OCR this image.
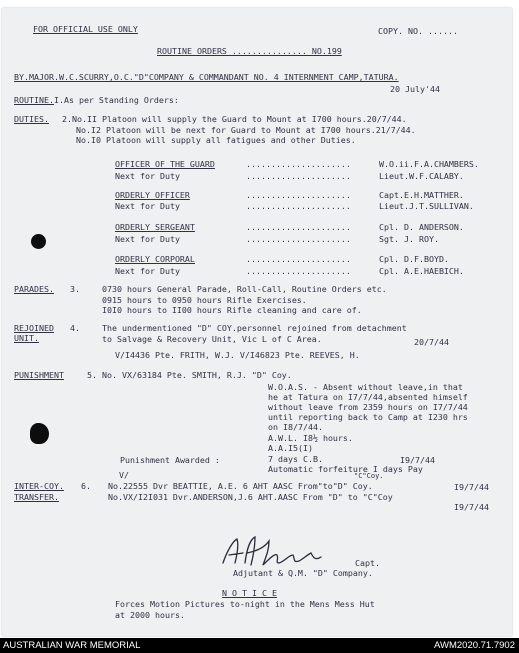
FOR OFFICIAL USE ONLY	COPY. NO. ......
ROUTINE ORDERS ............... NO.199
BY.MAJOR.W.C.SCURRY,O.C."D"COMPANY & COMMANDANT NO. 4 INTERNMENT CAMP,TATURA.
20 July'44
ROUTINE.I.As per Standing Orders:
DUTIES. 2.No.II Platoon will supply the Guard to Mount at I700 hours.20/7/44.
No.I2 Platoon will be next for Guard to Mount at I700 hours.21/7/44.
No.I0 Platoon will supply all fatigues and other Duties.
OFFICER OF THE GUARD	.....................	W.O.ii.F.A.CHAMBERS.
Next for Duty	.....................	Lieut.W.F.CALABY.
ORDERLY OFFICER	.....................	Capt.E.H.MATTHER.
Next for Duty	.....................	Lieut.J.T.SULLIVAN.
ORDERLY SERGEANT	.....................	Cpl. D. ANDERSON.
Next for Duty	.....................	Sgt. J. ROY.
ORDERLY CORPORAL	.....................	Cpl. D.F.BOYD.
Next for Duty	.....................	Cpl. A.E.HAEBICH.
PARADES. 3.	0730 hours General Parade, Roll-Call, Routine Orders etc.
0915 hours to 0950 hours Rifle Exercises.
I0I0 hours to II00 hours Rifle cleaning and care of.
REJOINED 4.
UNIT.
The undermentioned "D" COY.personnel rejoined from detachment
to Salvage & Recovery Unit, Vic L of C Area.	20/7/44
V/I4436 Pte. FRITH, W.J. V/I46823 Pte. REEVES, H.
PUNISHMENT	5. No. VX/63184 Pte. SMITH, R.J. "D" Coy.
W.O.A.S. - Absent without leave,in that
he at Tatura on I7/7/44,absented himself
without leave from 2359 hours on I7/7/44
until reporting back to Camp at I230 hrs
on I8/7/44.
A.W.L. I8½ hours.
A.A.I5(I)
Punishment Awarded :	7 days C.B.	I9/7/44
Automatic forfeiture I days Pay
V/	"C"Coy.
INTER-COY. 6.
TRANSFER.
No.22555 Dvr BEATTIE, A.E. 6 AHT AASC From"to"D" Coy.	I9/7/44
No.VX/I2I031 Dvr.ANDERSON,J.6 AHT.AASC From "D" to "C"Coy
I9/7/44
Capt.
Adjutant & Q.M. "D" Company.
N O T I C E
Forces Motion Pictures to-night in the Mens Mess Hut
at 2000 hours.
AUSTRALIAN WAR MEMORIAL	AWM2020.71.7902
